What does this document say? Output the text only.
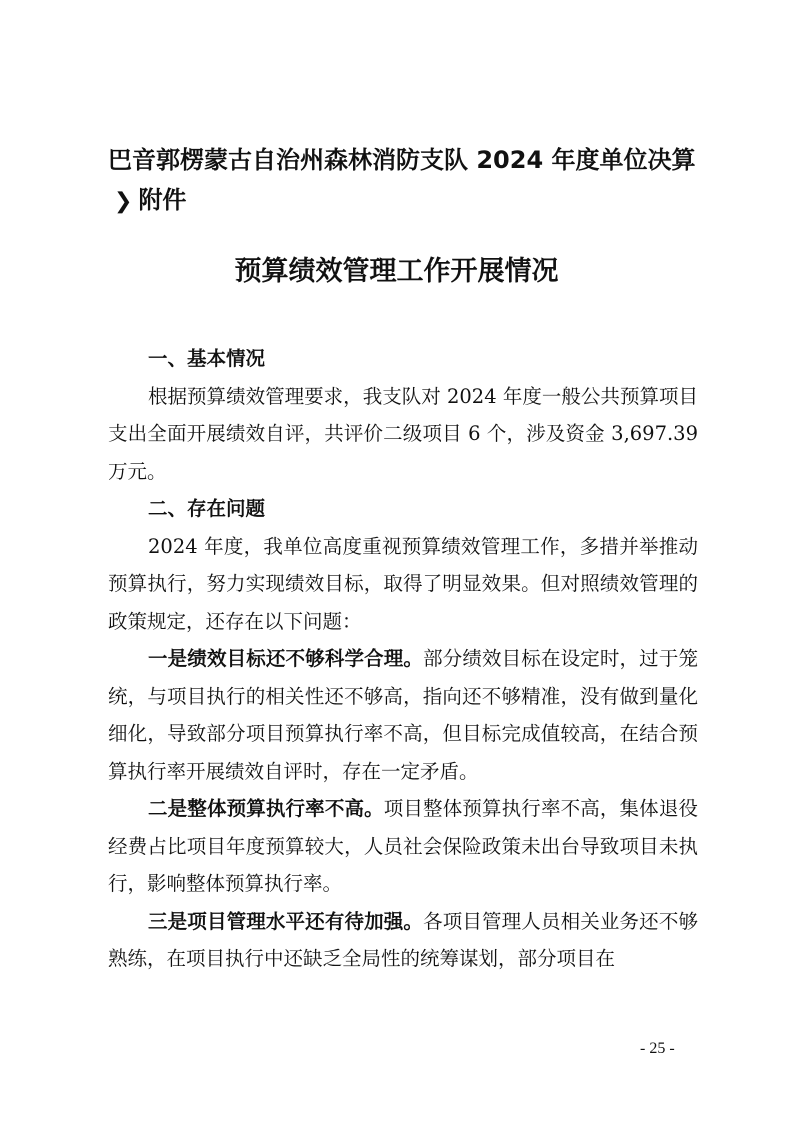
巴音郭楞蒙古自治州森林消防支队 2024 年度单位决算❯ 附件
预算绩效管理工作开展情况
一、基本情况

根据预算绩效管理要求，我支队对 2024 年度一般公共预算项目支出全面开展绩效自评，共评价二级项目 6 个，涉及资金 3,697.39 万元。

二、存在问题

2024 年度，我单位高度重视预算绩效管理工作，多措并举推动预算执行，努力实现绩效目标，取得了明显效果。但对照绩效管理的政策规定，还存在以下问题：

一是绩效目标还不够科学合理。部分绩效目标在设定时，过于笼统，与项目执行的相关性还不够高，指向还不够精准，没有做到量化细化，导致部分项目预算执行率不高，但目标完成值较高，在结合预算执行率开展绩效自评时，存在一定矛盾。

二是整体预算执行率不高。项目整体预算执行率不高，集体退役经费占比项目年度预算较大，人员社会保险政策未出台导致项目未执行，影响整体预算执行率。

三是项目管理水平还有待加强。各项目管理人员相关业务还不够熟练，在项目执行中还缺乏全局性的统筹谋划，部分项目在

- 25 -
